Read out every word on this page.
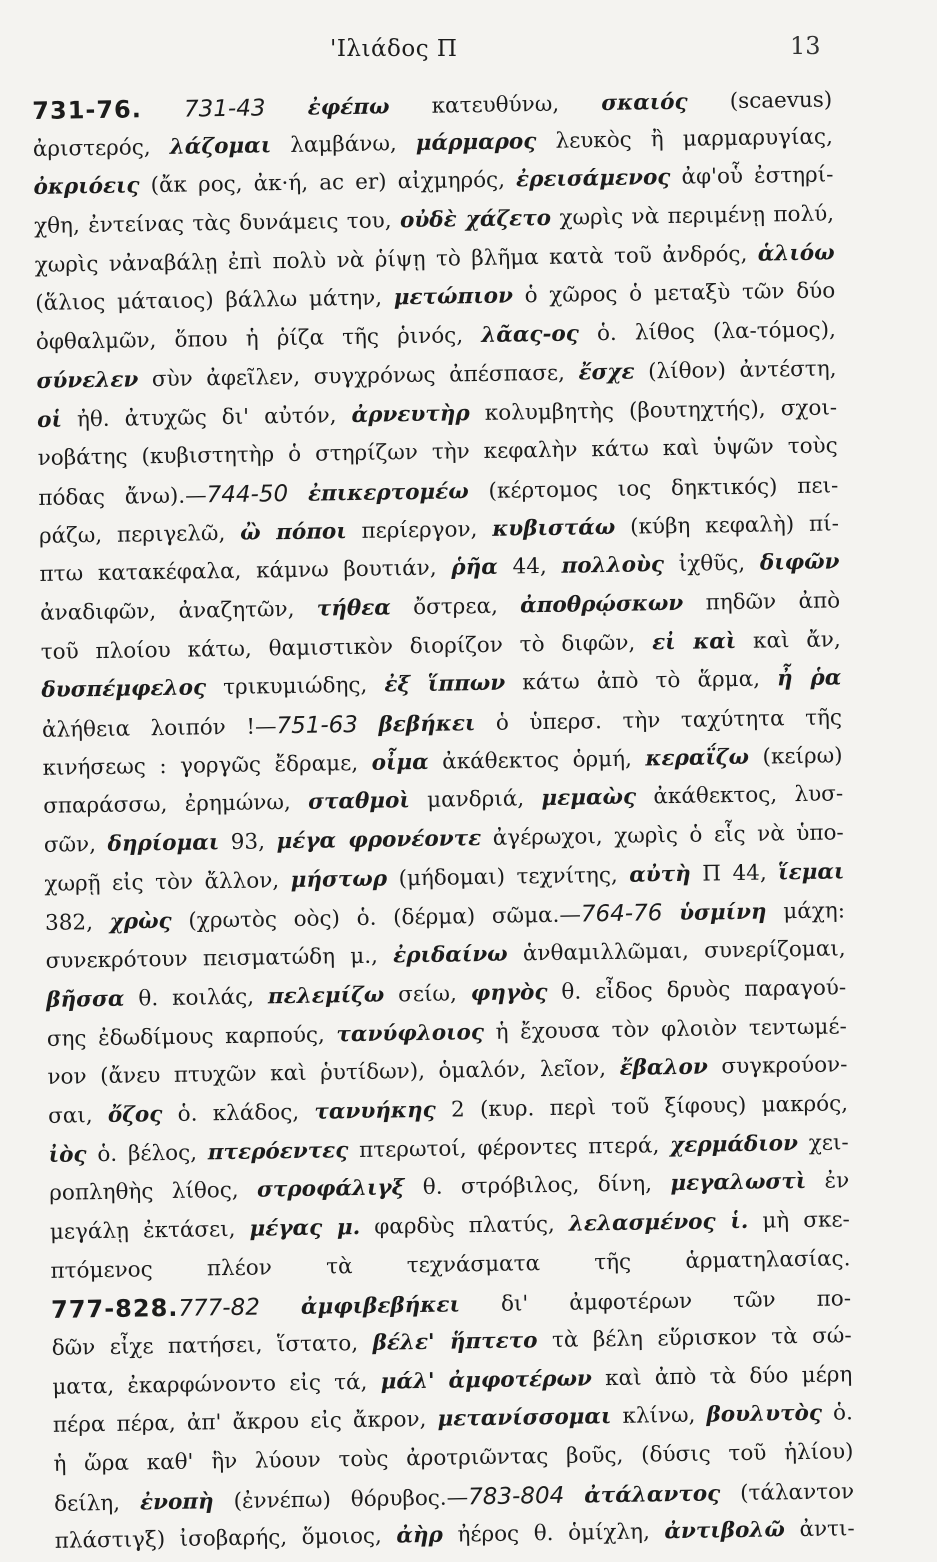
'Ιλιάδος Π	13
731-76. 731-43 ἐφέπω κατευθύνω, σκαιός (scaevus)
ἀριστερός, λάζομαι λαμβάνω, μάρμαρος λευκὸς ἢ μαρμαρυγίας,
ὀκριόεις (ἄκ ρος, ἀκ·ή, ac er) αἰχμηρός, ἐρεισάμενος ἀφ'οὗ ἐστηρί-
χθη, ἐντείνας τὰς δυνάμεις του, οὐδὲ χάζετο χωρὶς νὰ περιμένῃ πολύ,
χωρὶς νἀναβάλῃ ἐπὶ πολὺ νὰ ῥίψῃ τὸ βλῆμα κατὰ τοῦ ἀνδρός, ἁλιόω
(ἅλιος μάταιος) βάλλω μάτην, μετώπιον ὁ χῶρος ὁ μεταξὺ τῶν δύο
ὀφθαλμῶν, ὅπου ἡ ῥίζα τῆς ῥινός, λᾶας-ος ὁ. λίθος (λα-τόμος),
σύνελεν σὺν ἀφεῖλεν, συγχρόνως ἀπέσπασε, ἔσχε (λίθον) ἀντέστη,
οἱ ἠθ. ἀτυχῶς δι' αὐτόν, ἀρνευτὴρ κολυμβητὴς (βουτηχτής), σχοι-
νοβάτης (κυβιστητὴρ ὁ στηρίζων τὴν κεφαλὴν κάτω καὶ ὑψῶν τοὺς
πόδας ἄνω).—744-50 ἐπικερτομέω (κέρτομος ιος δηκτικός) πει-
ράζω, περιγελῶ, ὢ πόποι περίεργον, κυβιστάω (κύβη κεφαλὴ) πί-
πτω κατακέφαλα, κάμνω βουτιάν, ῥῆα 44, πολλοὺς ἰχθῦς, διφῶν
ἀναδιφῶν, ἀναζητῶν, τήθεα ὄστρεα, ἀποθρῴσκων πηδῶν ἀπὸ
τοῦ πλοίου κάτω, θαμιστικὸν διορίζον τὸ διφῶν, εἰ καὶ καὶ ἄν,
δυσπέμφελος τρικυμιώδης, ἐξ ἵππων κάτω ἀπὸ τὸ ἅρμα, ἦ ῥα
ἀλήθεια λοιπόν !—751-63 βεβήκει ὁ ὑπερσ. τὴν ταχύτητα τῆς
κινήσεως : γοργῶς ἔδραμε, οἶμα ἀκάθεκτος ὁρμή, κεραΐζω (κείρω)
σπαράσσω, ἐρημώνω, σταθμοὶ μανδριά, μεμαὼς ἀκάθεκτος, λυσ-
σῶν, δηρίομαι 93, μέγα φρονέοντε ἀγέρωχοι, χωρὶς ὁ εἷς νὰ ὑπο-
χωρῇ εἰς τὸν ἄλλον, μήστωρ (μήδομαι) τεχνίτης, αὐτὴ Π 44, ἵεμαι
382, χρὼς (χρωτὸς οὸς) ὁ. (δέρμα) σῶμα.—764-76 ὑσμίνη μάχη:
συνεκρότουν πεισματώδη μ., ἐριδαίνω ἁνθαμιλλῶμαι, συνερίζομαι,
βῆσσα θ. κοιλάς, πελεμίζω σείω, φηγὸς θ. εἶδος δρυὸς παραγού-
σης ἐδωδίμους καρπούς, τανύφλοιος ἡ ἔχουσα τὸν φλοιὸν τεντωμέ-
νον (ἄνευ πτυχῶν καὶ ῥυτίδων), ὁμαλόν, λεῖον, ἔβαλον συγκρούον-
σαι, ὄζος ὁ. κλάδος, τανυήκης 2 (κυρ. περὶ τοῦ ξίφους) μακρός,
ἰὸς ὁ. βέλος, πτερόεντες πτερωτοί, φέροντες πτερά, χερμάδιον χει-
ροπληθὴς λίθος, στροφάλιγξ θ. στρόβιλος, δίνη, μεγαλωστὶ ἐν
μεγάλῃ ἐκτάσει, μέγας μ. φαρδὺς πλατύς, λελασμένος ἱ. μὴ σκε-
πτόμενος πλέον τὰ τεχνάσματα τῆς ἁρματηλασίας.
777-828.777-82 ἀμφιβεβήκει δι' ἀμφοτέρων τῶν πο-
δῶν εἶχε πατήσει, ἵστατο, βέλε' ἥπτετο τὰ βέλη εὕρισκον τὰ σώ-
ματα, ἐκαρφώνοντο εἰς τά, μάλ' ἀμφοτέρων καὶ ἀπὸ τὰ δύο μέρη
πέρα πέρα, ἀπ' ἄκρου εἰς ἄκρον, μετανίσσομαι κλίνω, βουλυτὸς ὁ.
ἡ ὥρα καθ' ἣν λύουν τοὺς ἀροτριῶντας βοῦς, (δύσις τοῦ ἡλίου)
δείλη, ἐνοπὴ (ἐννέπω) θόρυβος.—783-804 ἀτάλαντος (τάλαντον
πλάστιγξ) ἰσοβαρής, ὅμοιος, ἀὴρ ἠέρος θ. ὁμίχλη, ἀντιβολῶ ἀντι-
